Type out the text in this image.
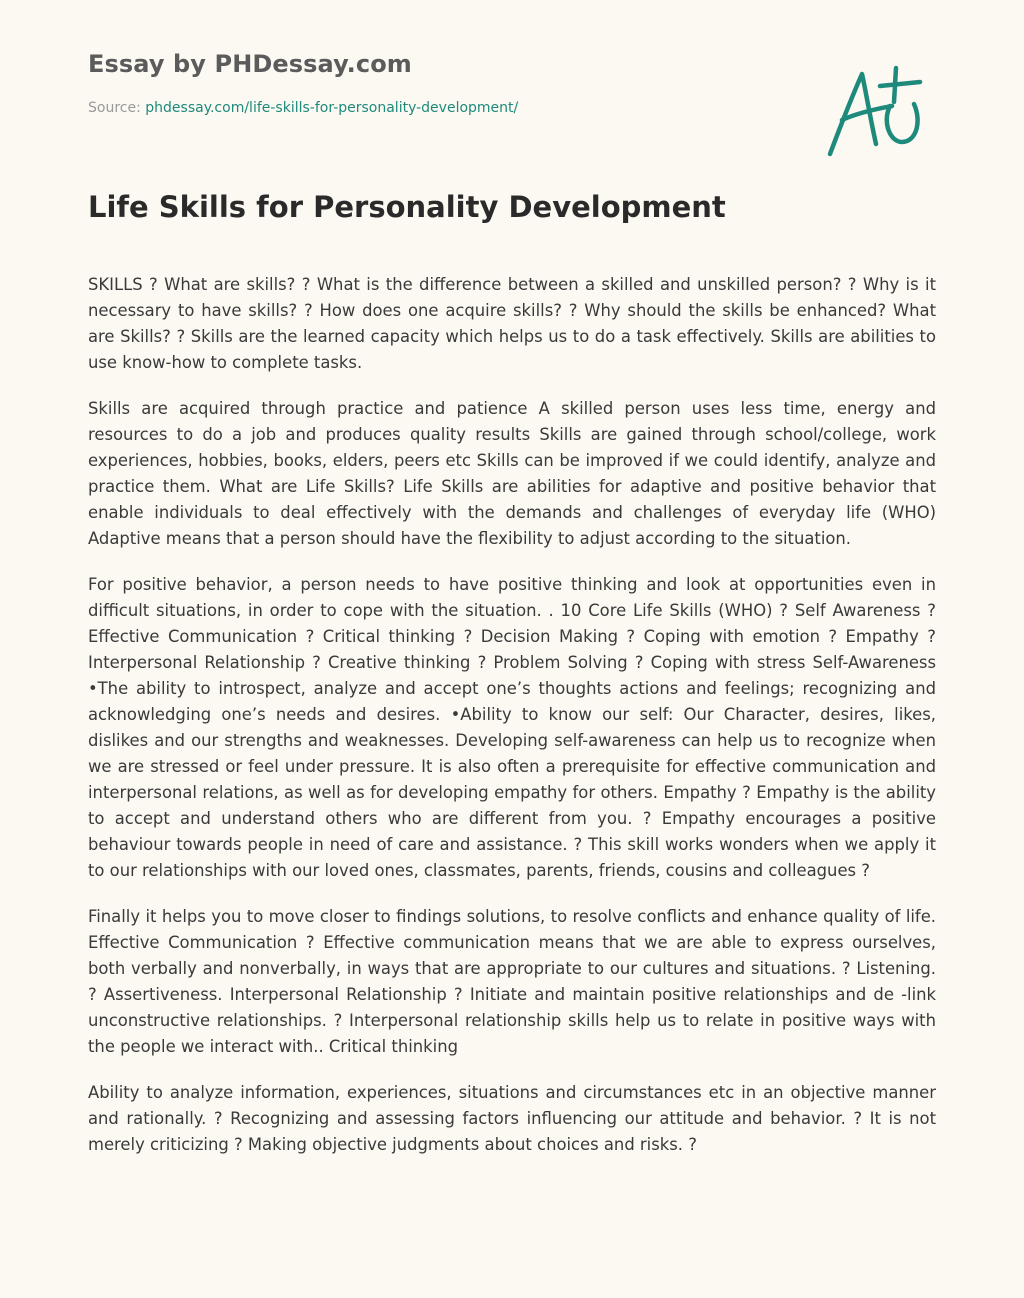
Essay by PHDessay.com
Source: phdessay.com/life-skills-for-personality-development/
Life Skills for Personality Development

SKILLS ? What are skills? ? What is the difference between a skilled and unskilled person? ? Why is it necessary to have skills? ? How does one acquire skills? ? Why should the skills be enhanced? What are Skills? ? Skills are the learned capacity which helps us to do a task effectively. Skills are abilities to use know-how to complete tasks.

Skills are acquired through practice and patience A skilled person uses less time, energy and resources to do a job and produces quality results Skills are gained through school/college, work experiences, hobbies, books, elders, peers etc Skills can be improved if we could identify, analyze and practice them. What are Life Skills? Life Skills are abilities for adaptive and positive behavior that enable individuals to deal effectively with the demands and challenges of everyday life (WHO) Adaptive means that a person should have the flexibility to adjust according to the situation.

For positive behavior, a person needs to have positive thinking and look at opportunities even in difficult situations, in order to cope with the situation. . 10 Core Life Skills (WHO) ? Self Awareness ? Effective Communication ? Critical thinking ? Decision Making ? Coping with emotion ? Empathy ? Interpersonal Relationship ? Creative thinking ? Problem Solving ? Coping with stress Self-Awareness •The ability to introspect, analyze and accept one’s thoughts actions and feelings; recognizing and acknowledging one’s needs and desires. •Ability to know our self: Our Character, desires, likes, dislikes and our strengths and weaknesses. Developing self-awareness can help us to recognize when we are stressed or feel under pressure. It is also often a prerequisite for effective communication and interpersonal relations, as well as for developing empathy for others. Empathy ? Empathy is the ability to accept and understand others who are different from you. ? Empathy encourages a positive behaviour towards people in need of care and assistance. ? This skill works wonders when we apply it to our relationships with our loved ones, classmates, parents, friends, cousins and colleagues ?

Finally it helps you to move closer to findings solutions, to resolve conflicts and enhance quality of life. Effective Communication ? Effective communication means that we are able to express ourselves, both verbally and nonverbally, in ways that are appropriate to our cultures and situations. ? Listening. ? Assertiveness. Interpersonal Relationship ? Initiate and maintain positive relationships and de -link unconstructive relationships. ? Interpersonal relationship skills help us to relate in positive ways with the people we interact with.. Critical thinking

Ability to analyze information, experiences, situations and circumstances etc in an objective manner and rationally. ? Recognizing and assessing factors influencing our attitude and behavior. ? It is not merely criticizing ? Making objective judgments about choices and risks. ?
